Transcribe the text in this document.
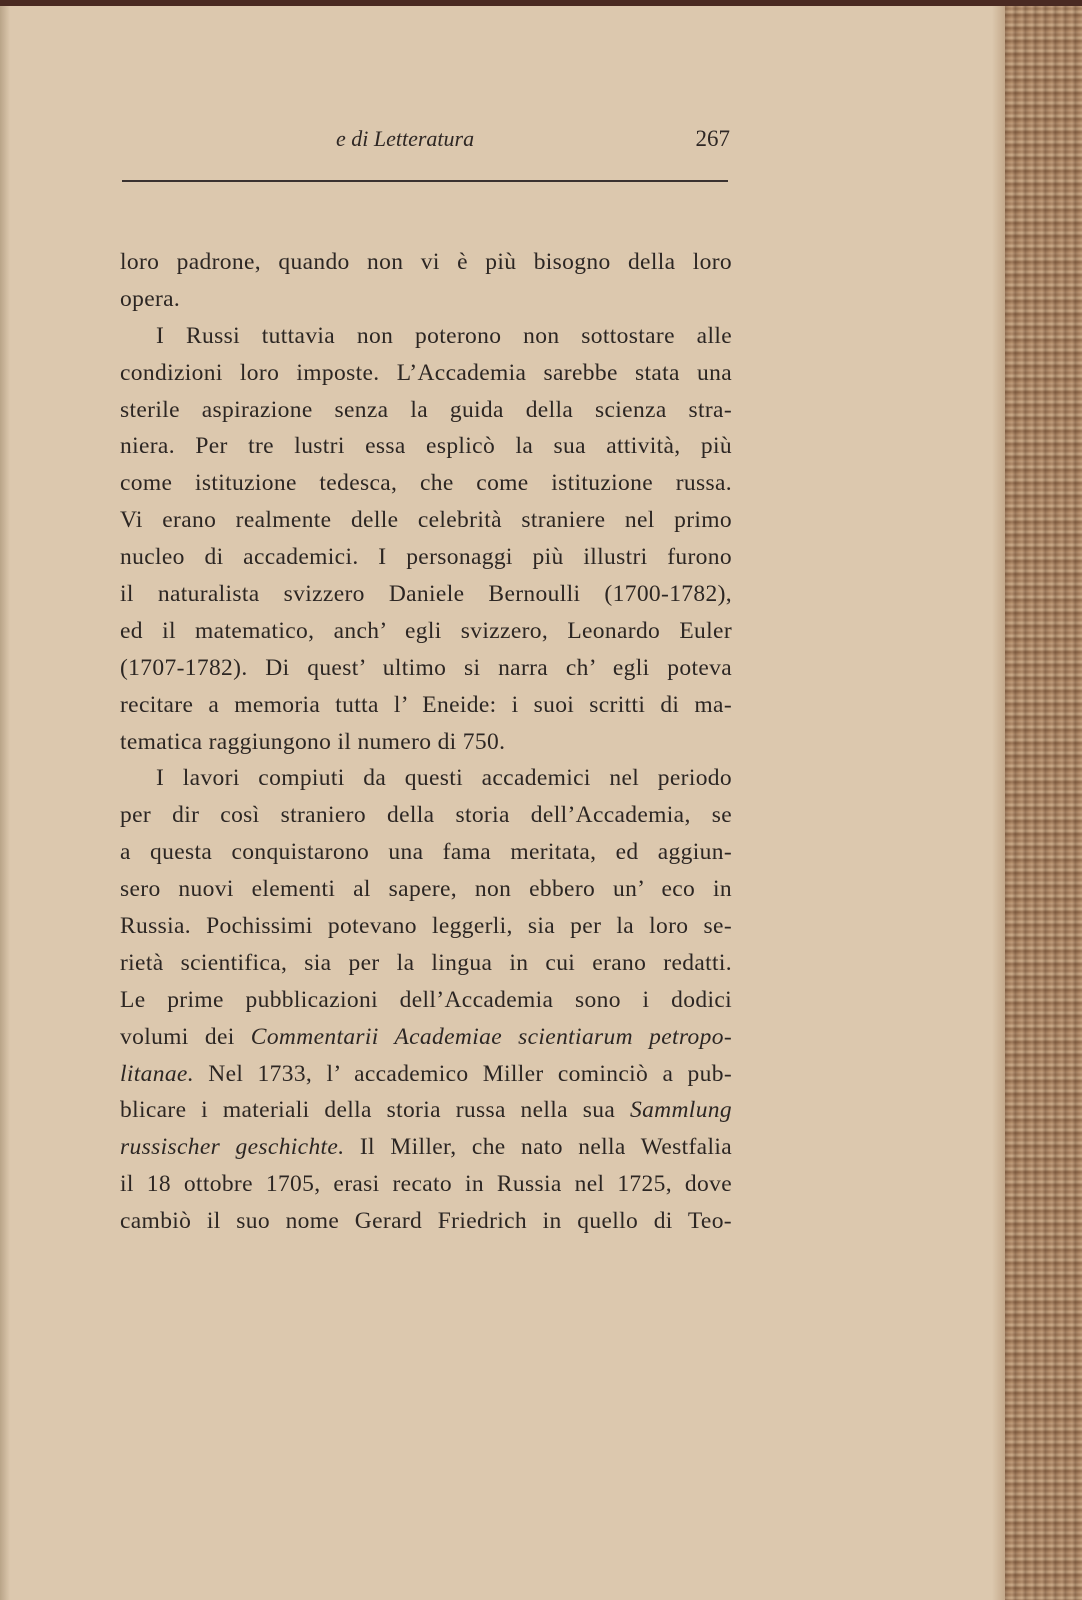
e di Letteratura	267
loro padrone, quando non vi è più bisogno della loro
opera.
I Russi tuttavia non poterono non sottostare alle
condizioni loro imposte. L’Accademia sarebbe stata una
sterile aspirazione senza la guida della scienza stra-
niera. Per tre lustri essa esplicò la sua attività, più
come istituzione tedesca, che come istituzione russa.
Vi erano realmente delle celebrità straniere nel primo
nucleo di accademici. I personaggi più illustri furono
il naturalista svizzero Daniele Bernoulli (1700-1782),
ed il matematico, anch’ egli svizzero, Leonardo Euler
(1707-1782). Di quest’ ultimo si narra ch’ egli poteva
recitare a memoria tutta l’ Eneide: i suoi scritti di ma-
tematica raggiungono il numero di 750.
I lavori compiuti da questi accademici nel periodo
per dir così straniero della storia dell’Accademia, se
a questa conquistarono una fama meritata, ed aggiun-
sero nuovi elementi al sapere, non ebbero un’ eco in
Russia. Pochissimi potevano leggerli, sia per la loro se-
rietà scientifica, sia per la lingua in cui erano redatti.
Le prime pubblicazioni dell’Accademia sono i dodici
volumi dei Commentarii Academiae scientiarum petropo-
litanae. Nel 1733, l’ accademico Miller cominciò a pub-
blicare i materiali della storia russa nella sua Sammlung
russischer geschichte. Il Miller, che nato nella Westfalia
il 18 ottobre 1705, erasi recato in Russia nel 1725, dove
cambiò il suo nome Gerard Friedrich in quello di Teo-
